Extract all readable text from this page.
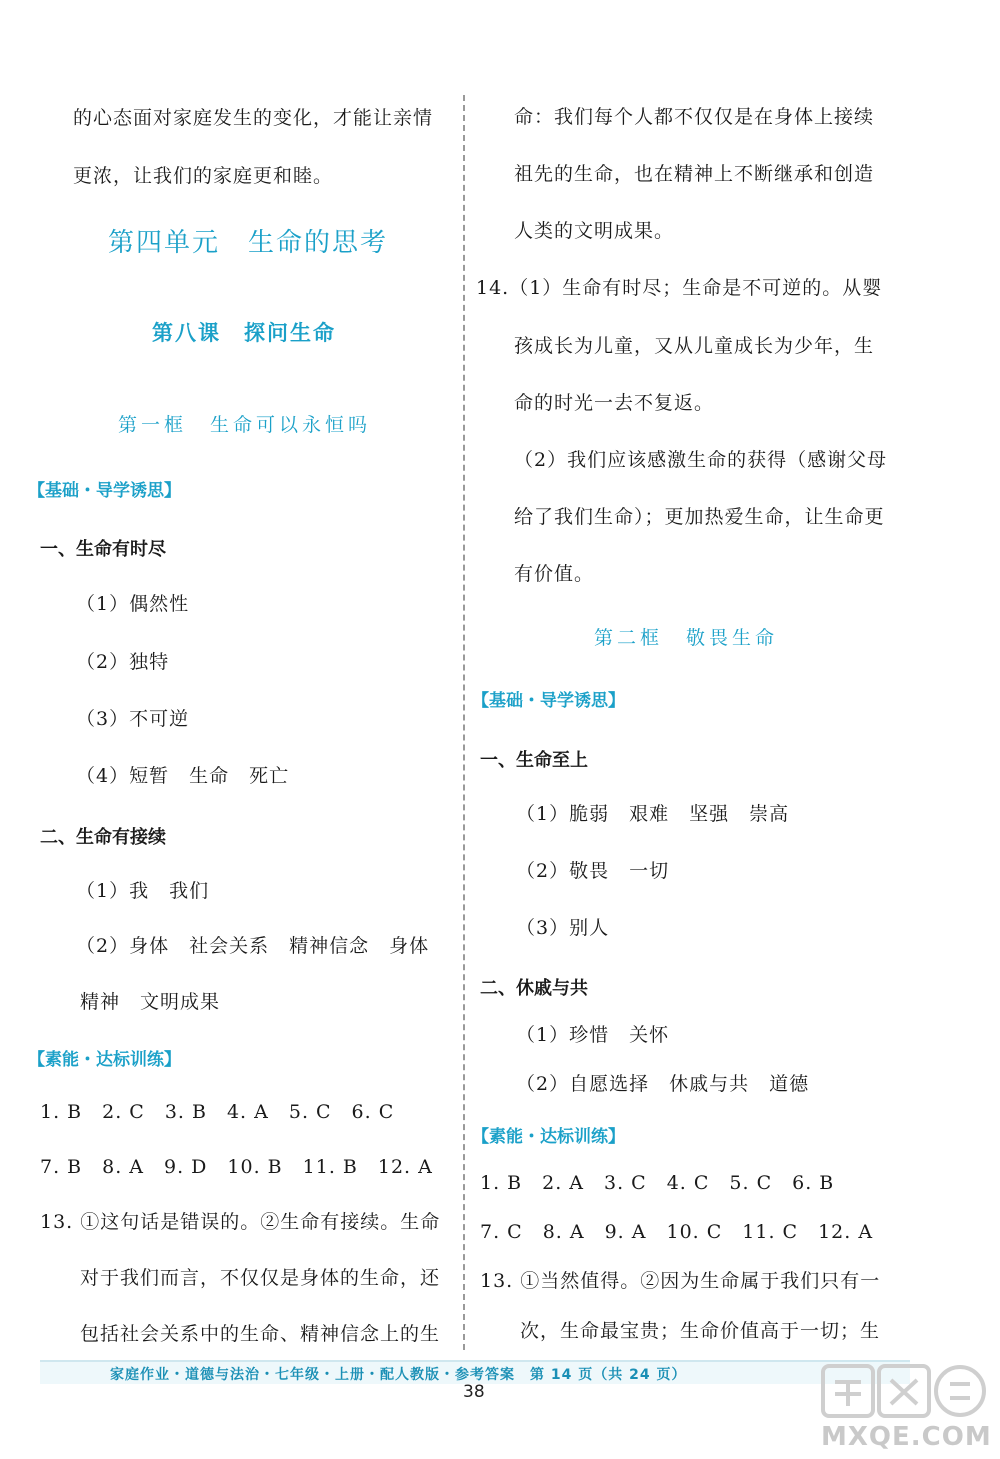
的心态面对家庭发生的变化，才能让亲情
更浓，让我们的家庭更和睦。
第四单元　生命的思考
第八课　探问生命
第一框　生命可以永恒吗
【基础・导学诱思】
一、生命有时尽
（1）偶然性
（2）独特
（3）不可逆
（4）短暂　生命　死亡
二、生命有接续
（1）我　我们
（2）身体　社会关系　精神信念　身体
精神　文明成果
【素能・达标训练】
1. B　2. C　3. B　4. A　5. C　6. C
7. B　8. A　9. D　10. B　11. B　12. A
13. ①这句话是错误的。②生命有接续。生命
对于我们而言，不仅仅是身体的生命，还
包括社会关系中的生命、精神信念上的生
命：我们每个人都不仅仅是在身体上接续
祖先的生命，也在精神上不断继承和创造
人类的文明成果。
14.（1）生命有时尽；生命是不可逆的。从婴
孩成长为儿童，又从儿童成长为少年，生
命的时光一去不复返。
（2）我们应该感激生命的获得（感谢父母
给了我们生命）；更加热爱生命，让生命更
有价值。
第二框　敬畏生命
【基础・导学诱思】
一、生命至上
（1）脆弱　艰难　坚强　崇高
（2）敬畏　一切
（3）别人
二、休戚与共
（1）珍惜　关怀
（2）自愿选择　休戚与共　道德
【素能・达标训练】
1. B　2. A　3. C　4. C　5. C　6. B
7. C　8. A　9. A　10. C　11. C　12. A
13. ①当然值得。②因为生命属于我们只有一
次，生命最宝贵；生命价值高于一切；生
家庭作业・道德与法治・七年级・上册・配人教版・参考答案　第 14 页（共 24 页）
38
MXQE.COM
